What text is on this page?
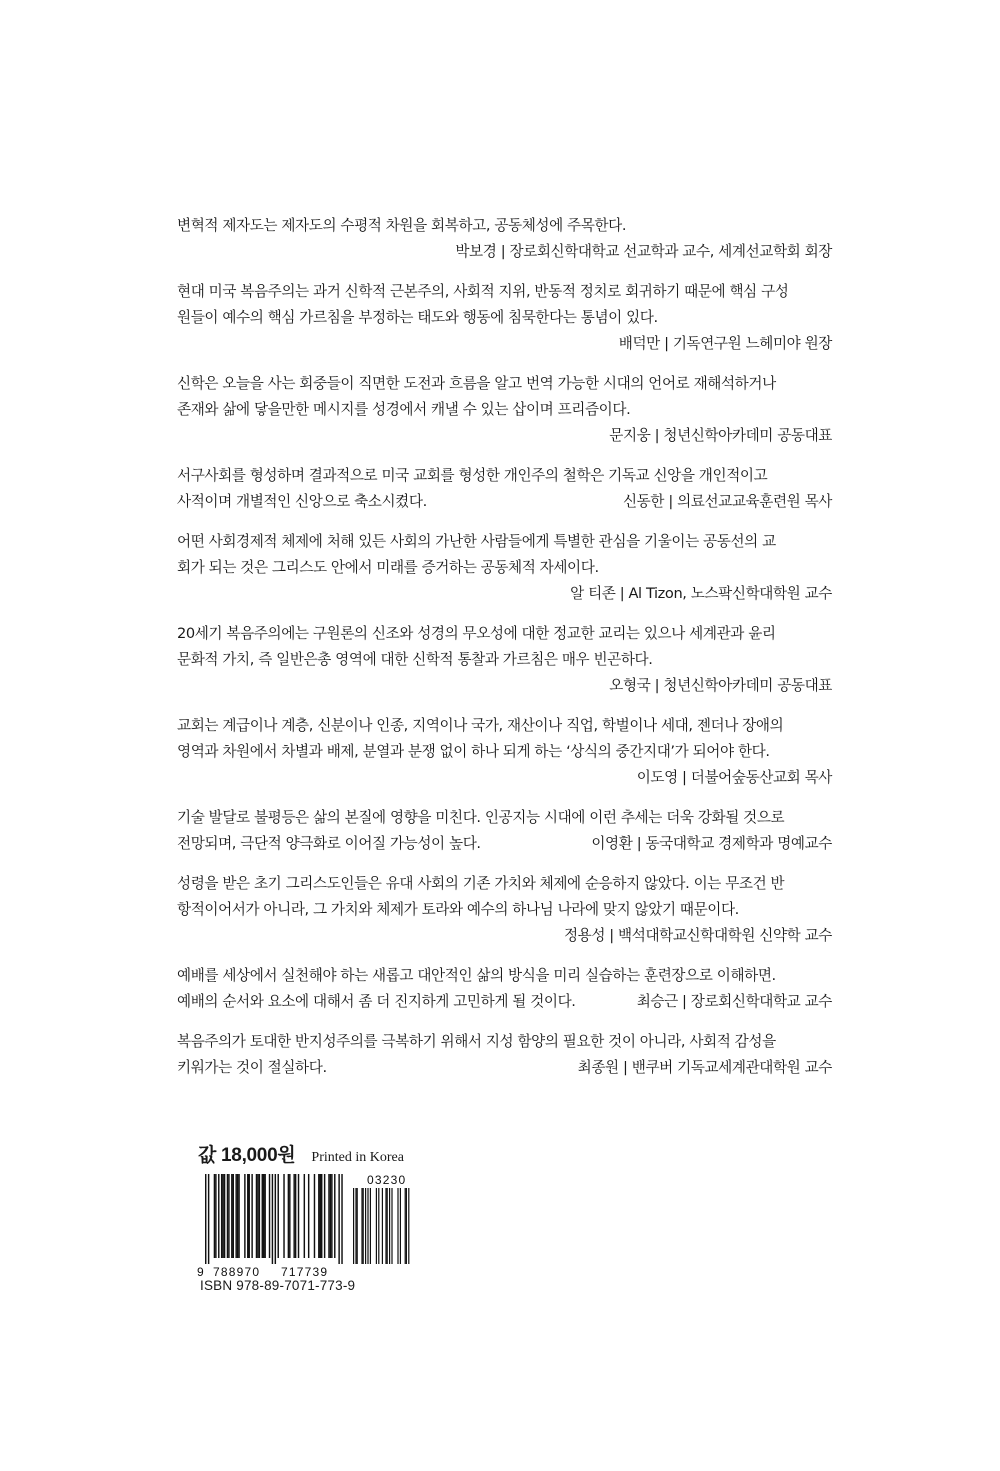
변혁적 제자도는 제자도의 수평적 차원을 회복하고, 공동체성에 주목한다.
박보경 | 장로회신학대학교 선교학과 교수, 세계선교학회 회장
현대 미국 복음주의는 과거 신학적 근본주의, 사회적 지위, 반동적 정치로 회귀하기 때문에 핵심 구성
원들이 예수의 핵심 가르침을 부정하는 태도와 행동에 침묵한다는 통념이 있다.
배덕만 | 기독연구원 느헤미야 원장
신학은 오늘을 사는 회중들이 직면한 도전과 흐름을 알고 번역 가능한 시대의 언어로 재해석하거나
존재와 삶에 닿을만한 메시지를 성경에서 캐낼 수 있는 삽이며 프리즘이다.
문지웅 | 청년신학아카데미 공동대표
서구사회를 형성하며 결과적으로 미국 교회를 형성한 개인주의 철학은 기독교 신앙을 개인적이고
사적이며 개별적인 신앙으로 축소시켰다.	신동한 | 의료선교교육훈련원 목사
어떤 사회경제적 체제에 처해 있든 사회의 가난한 사람들에게 특별한 관심을 기울이는 공동선의 교
회가 되는 것은 그리스도 안에서 미래를 증거하는 공동체적 자세이다.
알 티존 | Al Tizon, 노스팍신학대학원 교수
20세기 복음주의에는 구원론의 신조와 성경의 무오성에 대한 정교한 교리는 있으나 세계관과 윤리
문화적 가치, 즉 일반은총 영역에 대한 신학적 통찰과 가르침은 매우 빈곤하다.
오형국 | 청년신학아카데미 공동대표
교회는 계급이나 계층, 신분이나 인종, 지역이나 국가, 재산이나 직업, 학벌이나 세대, 젠더나 장애의
영역과 차원에서 차별과 배제, 분열과 분쟁 없이 하나 되게 하는 ‘상식의 중간지대’가 되어야 한다.
이도영 | 더불어숲동산교회 목사
기술 발달로 불평등은 삶의 본질에 영향을 미친다. 인공지능 시대에 이런 추세는 더욱 강화될 것으로
전망되며, 극단적 양극화로 이어질 가능성이 높다.	이영환 | 동국대학교 경제학과 명예교수
성령을 받은 초기 그리스도인들은 유대 사회의 기존 가치와 체제에 순응하지 않았다. 이는 무조건 반
항적이어서가 아니라, 그 가치와 체제가 토라와 예수의 하나님 나라에 맞지 않았기 때문이다.
정용성 | 백석대학교신학대학원 신약학 교수
예배를 세상에서 실천해야 하는 새롭고 대안적인 삶의 방식을 미리 실습하는 훈련장으로 이해하면.
예배의 순서와 요소에 대해서 좀 더 진지하게 고민하게 될 것이다.	최승근 | 장로회신학대학교 교수
복음주의가 토대한 반지성주의를 극복하기 위해서 지성 함양의 필요한 것이 아니라, 사회적 감성을
키워가는 것이 절실하다.	최종원 | 밴쿠버 기독교세계관대학원 교수
값 18,000원 Printed in Korea
03230
9 788970 717739
ISBN 978-89-7071-773-9
